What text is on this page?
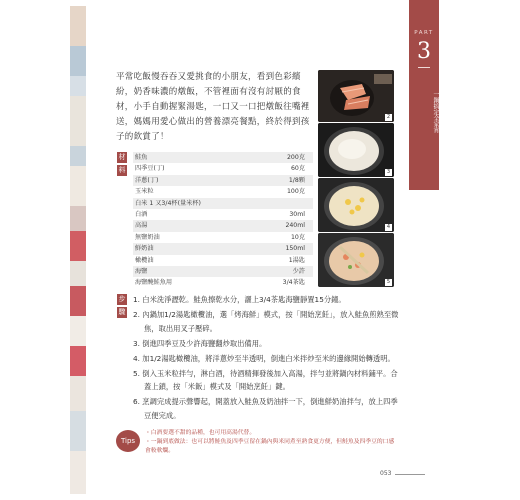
PART
3
一鍋搞定全家宵
平常吃飯慢吞吞又愛挑食的小朋友，看到色彩繽紛，奶香味濃的燉飯，不管裡面有沒有討厭的食材，小手自動握緊湯匙，一口又一口把燉飯往嘴裡送，媽媽用愛心做出的營養漂亮餐點，終於得到孩子的欽賞了！
2
3
4
5
材
料
鮭魚	200克
四季豆(丁)	60克
洋蔥(丁)	1/8顆
玉米粒	100克
白米 1 又3/4杯(量米杯)
白酒	30ml
高湯	240ml
無鹽奶油	10克
鮮奶油	150ml
橄欖油	1湯匙
海鹽	少許
海鹽醃鮭魚用	3/4茶匙
步
驟
1. 白米洗淨瀝乾。鮭魚擦乾水分，灑上3/4茶匙海鹽靜置15分鐘。
2. 內鍋加1/2湯匙橄欖油，選「烤海鮮」模式，按「開始烹飪」，放入鮭魚煎熟至微焦，取出用叉子壓碎。
3. 倒進四季豆及少許海鹽翻炒取出備用。
4. 加1/2湯匙橄欖油，將洋蔥炒至半透明，倒進白米拌炒至米的邊緣開始轉透明。
5. 倒入玉米粒拌勻，淋白酒，待酒精揮發後加入高湯，拌勻並將鍋內材料鋪平。合蓋上鎖，按「米飯」模式及「開始烹飪」鍵。
6. 烹調完成提示聲響起，開蓋放入鮭魚及奶油拌一下，倒進鮮奶油拌勻，放上四季豆便完成。
Tips
・白酒要選不甜的品種，也可用高湯代替。
・一鍋到底做法：也可以將鮭魚及四季豆留在鍋內與米同煮至熟食更方便，但鮭魚及四季豆的口感會較軟爛。
053
